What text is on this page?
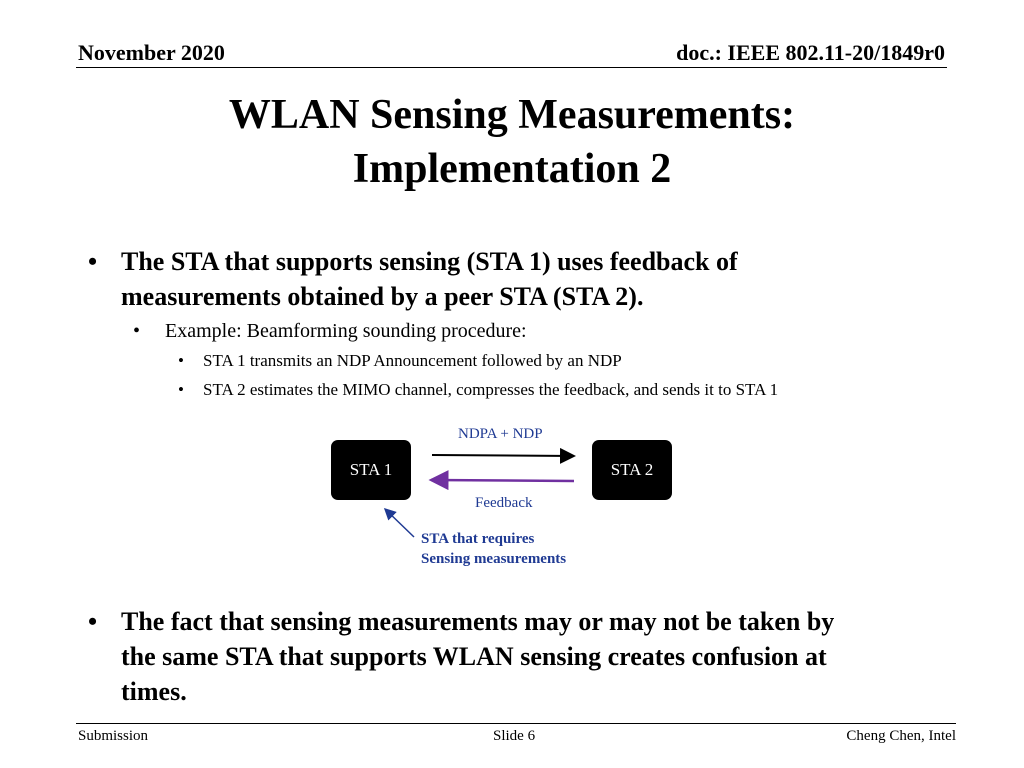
November 2020	doc.: IEEE 802.11-20/1849r0
WLAN Sensing Measurements:
Implementation 2
• The STA that supports sensing (STA 1) uses feedback of
measurements obtained by a peer STA (STA 2).
• Example: Beamforming sounding procedure:
• STA 1 transmits an NDP Announcement followed by an NDP
• STA 2 estimates the MIMO channel, compresses the feedback, and sends it to STA 1
STA 1	STA 2
NDPA + NDP
Feedback
STA that requires
Sensing measurements
• The fact that sensing measurements may or may not be taken by
the same STA that supports WLAN sensing creates confusion at
times.
Submission	Slide 6	Cheng Chen, Intel
